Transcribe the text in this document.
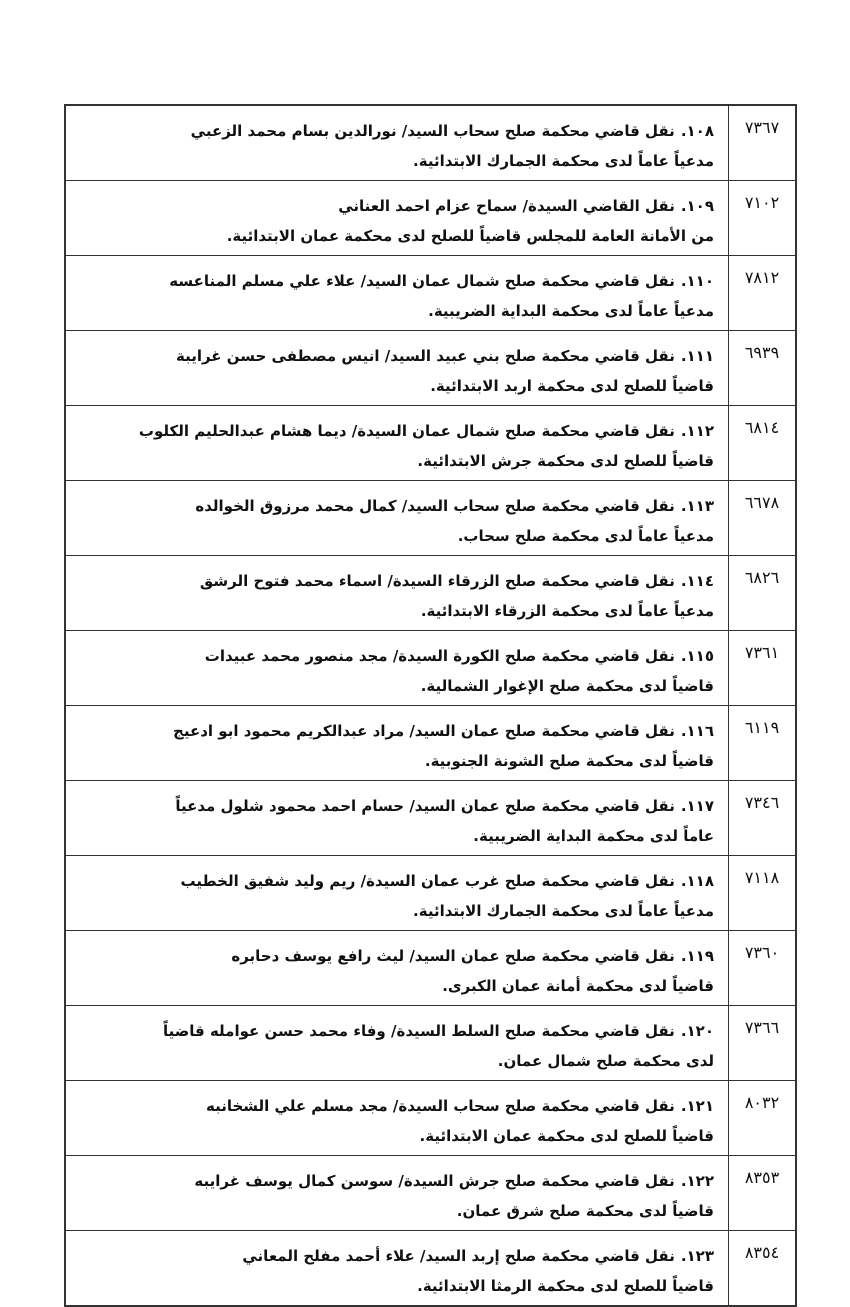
٧٣٦٧	١٠٨.نقل قاضي محكمة صلح سحاب السيد/ نورالدين بسام محمد الزعبي
مدعياً عاماً لدى محكمة الجمارك الابتدائية.

٧١٠٢	١٠٩.نقل القاضي السيدة/ سماح عزام احمد العناني
من الأمانة العامة للمجلس قاضياً للصلح لدى محكمة عمان الابتدائية.

٧٨١٢	١١٠.نقل قاضي محكمة صلح شمال عمان السيد/ علاء علي مسلم المناعسه
مدعياً عاماً لدى محكمة البداية الضريبية.

٦٩٣٩	١١١.نقل قاضي محكمة صلح بني عبيد السيد/ انيس مصطفى حسن غرايبة
قاضياً للصلح لدى محكمة اربد الابتدائية.

٦٨١٤	١١٢.نقل قاضي محكمة صلح شمال عمان السيدة/ ديما هشام عبدالحليم الكلوب
قاضياً للصلح لدى محكمة جرش الابتدائية.

٦٦٧٨	١١٣.نقل قاضي محكمة صلح سحاب السيد/ كمال محمد مرزوق الخوالده
مدعياً عاماً لدى محكمة صلح سحاب.

٦٨٢٦	١١٤.نقل قاضي محكمة صلح الزرقاء السيدة/ اسماء محمد فتوح الرشق
مدعياً عاماً لدى محكمة الزرقاء الابتدائية.

٧٣٦١	١١٥.نقل قاضي محكمة صلح الكورة السيدة/ مجد منصور محمد عبيدات
قاضياً لدى محكمة صلح الإغوار الشمالية.

٦١١٩	١١٦.نقل قاضي محكمة صلح عمان السيد/ مراد عبدالكريم محمود ابو ادعيج
قاضياً لدى محكمة صلح الشونة الجنوبية.

٧٣٤٦	١١٧.نقل قاضي محكمة صلح عمان السيد/ حسام احمد محمود شلول مدعياً
عاماً لدى محكمة البداية الضريبية.

٧١١٨	١١٨.نقل قاضي محكمة صلح غرب عمان السيدة/ ريم وليد شفيق الخطيب
مدعياً عاماً لدى محكمة الجمارك الابتدائية.

٧٣٦٠	١١٩.نقل قاضي محكمة صلح عمان السيد/ ليث رافع يوسف دحابره
قاضياً لدى محكمة أمانة عمان الكبرى.

٧٣٦٦	١٢٠.نقل قاضي محكمة صلح السلط السيدة/ وفاء محمد حسن عوامله قاضياً
لدى محكمة صلح شمال عمان.

٨٠٣٢	١٢١.نقل قاضي محكمة صلح سحاب السيدة/ مجد مسلم علي الشخانبه
قاضياً للصلح لدى محكمة عمان الابتدائية.

٨٣٥٣	١٢٢.نقل قاضي محكمة صلح جرش السيدة/ سوسن كمال يوسف غرايبه
قاضياً لدى محكمة صلح شرق عمان.

٨٣٥٤	١٢٣.نقل قاضي محكمة صلح إربد السيد/ علاء أحمد مفلح المعاني
قاضياً للصلح لدى محكمة الرمثا الابتدائية.
